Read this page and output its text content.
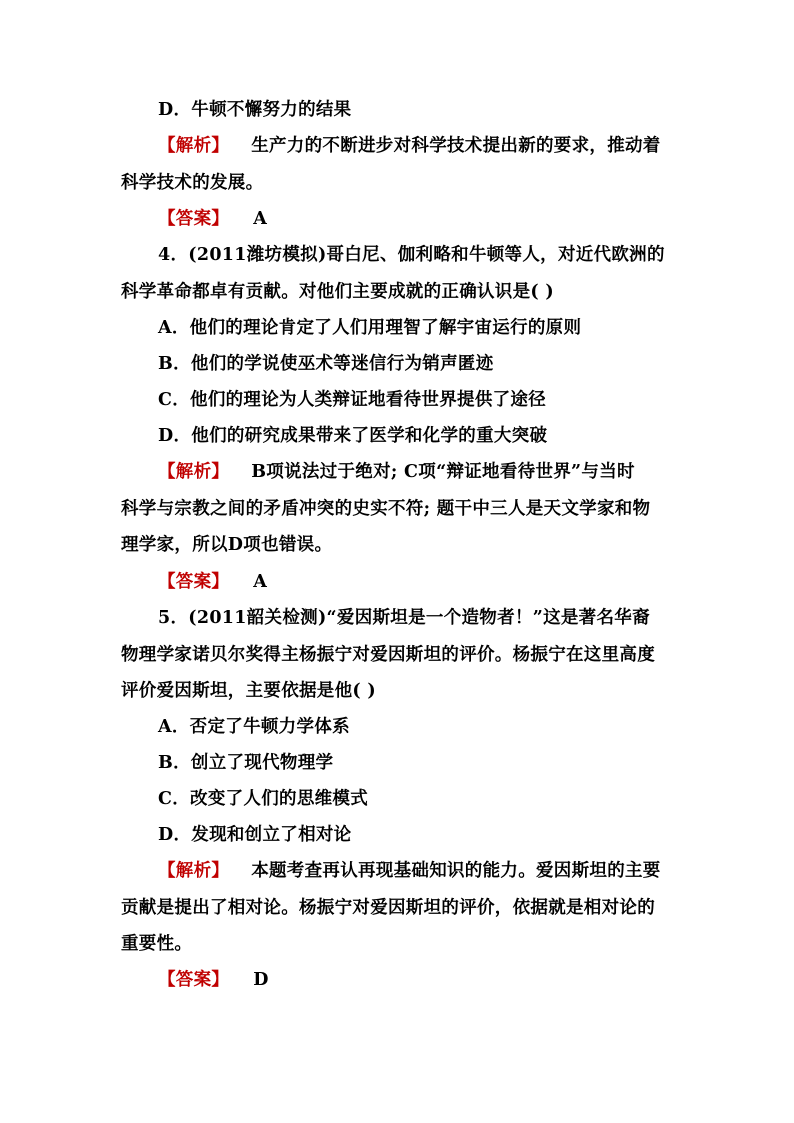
D．牛顿不懈努力的结果
【解析】 生产力的不断进步对科学技术提出新的要求，推动着
科学技术的发展。
【答案】 A
4．(2011潍坊模拟)哥白尼、伽利略和牛顿等人，对近代欧洲的
科学革命都卓有贡献。对他们主要成就的正确认识是( )
A．他们的理论肯定了人们用理智了解宇宙运行的原则
B．他们的学说使巫术等迷信行为销声匿迹
C．他们的理论为人类辩证地看待世界提供了途径
D．他们的研究成果带来了医学和化学的重大突破
【解析】 B项说法过于绝对; C项“辩证地看待世界”与当时
科学与宗教之间的矛盾冲突的史实不符; 题干中三人是天文学家和物
理学家，所以D项也错误。
【答案】 A
5．(2011韶关检测)“爱因斯坦是一个造物者！”这是著名华裔
物理学家诺贝尔奖得主杨振宁对爱因斯坦的评价。杨振宁在这里高度
评价爱因斯坦，主要依据是他( )
A．否定了牛顿力学体系
B．创立了现代物理学
C．改变了人们的思维模式
D．发现和创立了相对论
【解析】 本题考查再认再现基础知识的能力。爱因斯坦的主要
贡献是提出了相对论。杨振宁对爱因斯坦的评价，依据就是相对论的
重要性。
【答案】 D
